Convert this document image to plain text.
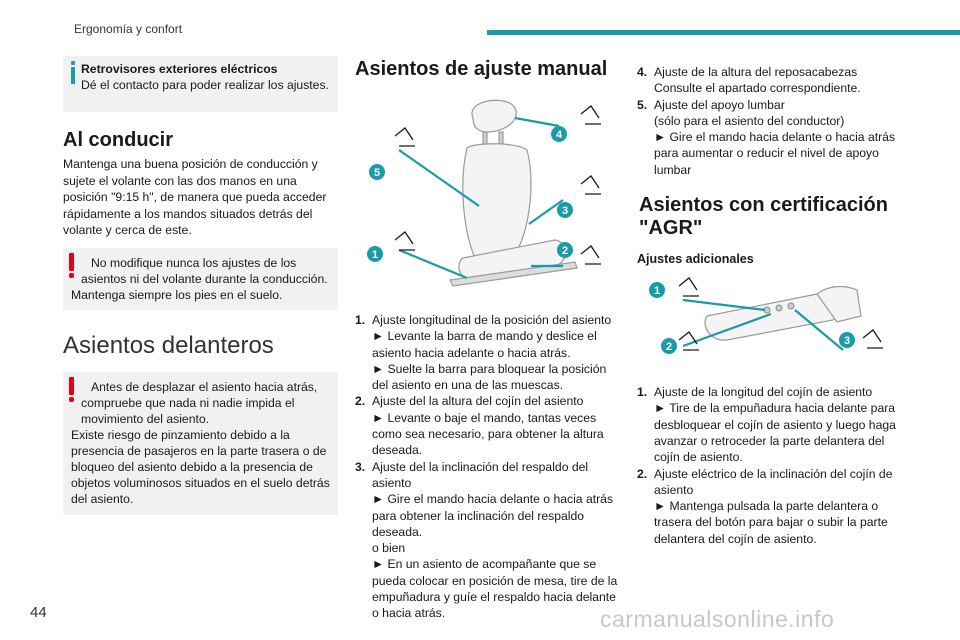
Ergonomía y confort

Retrovisores exteriores eléctricos

Dé el contacto para poder realizar los ajustes.

Al conducir

Mantenga una buena posición de conducción y sujete el volante con las dos manos en una posición "9:15 h", de manera que pueda acceder rápidamente a los mandos situados detrás del volante y cerca de este.

No modifique nunca los ajustes de los asientos ni del volante durante la conducción.

Mantenga siempre los pies en el suelo.

Asientos delanteros

Antes de desplazar el asiento hacia atrás, compruebe que nada ni nadie impida el movimiento del asiento.

Existe riesgo de pinzamiento debido a la presencia de pasajeros en la parte trasera o de bloqueo del asiento debido a la presencia de objetos voluminosos situados en el suelo detrás del asiento.

Asientos de ajuste manual
4
5
3
1	2
1. Ajuste longitudinal de la posición del asiento
► Levante la barra de mando y deslice el asiento hacia adelante o hacia atrás.
► Suelte la barra para bloquear la posición del asiento en una de las muescas.
2. Ajuste del la altura del cojín del asiento
► Levante o baje el mando, tantas veces como sea necesario, para obtener la altura deseada.
3. Ajuste del la inclinación del respaldo del asiento
► Gire el mando hacia delante o hacia atrás para obtener la inclinación del respaldo deseada.
o bien
► En un asiento de acompañante que se pueda colocar en posición de mesa, tire de la empuñadura y guíe el respaldo hacia delante o hacia atrás.
4. Ajuste de la altura del reposacabezas
Consulte el apartado correspondiente.
5. Ajuste del apoyo lumbar
(sólo para el asiento del conductor)
► Gire el mando hacia delante o hacia atrás para aumentar o reducir el nivel de apoyo lumbar
Asientos con certificación "AGR"

Ajustes adicionales

1
2	3
1. Ajuste de la longitud del cojín de asiento
► Tire de la empuñadura hacia delante para desbloquear el cojín de asiento y luego haga avanzar o retroceder la parte delantera del cojín de asiento.
2. Ajuste eléctrico de la inclinación del cojín de asiento
► Mantenga pulsada la parte delantera o trasera del botón para bajar o subir la parte delantera del cojín de asiento.
44	carmanualsonline.info
